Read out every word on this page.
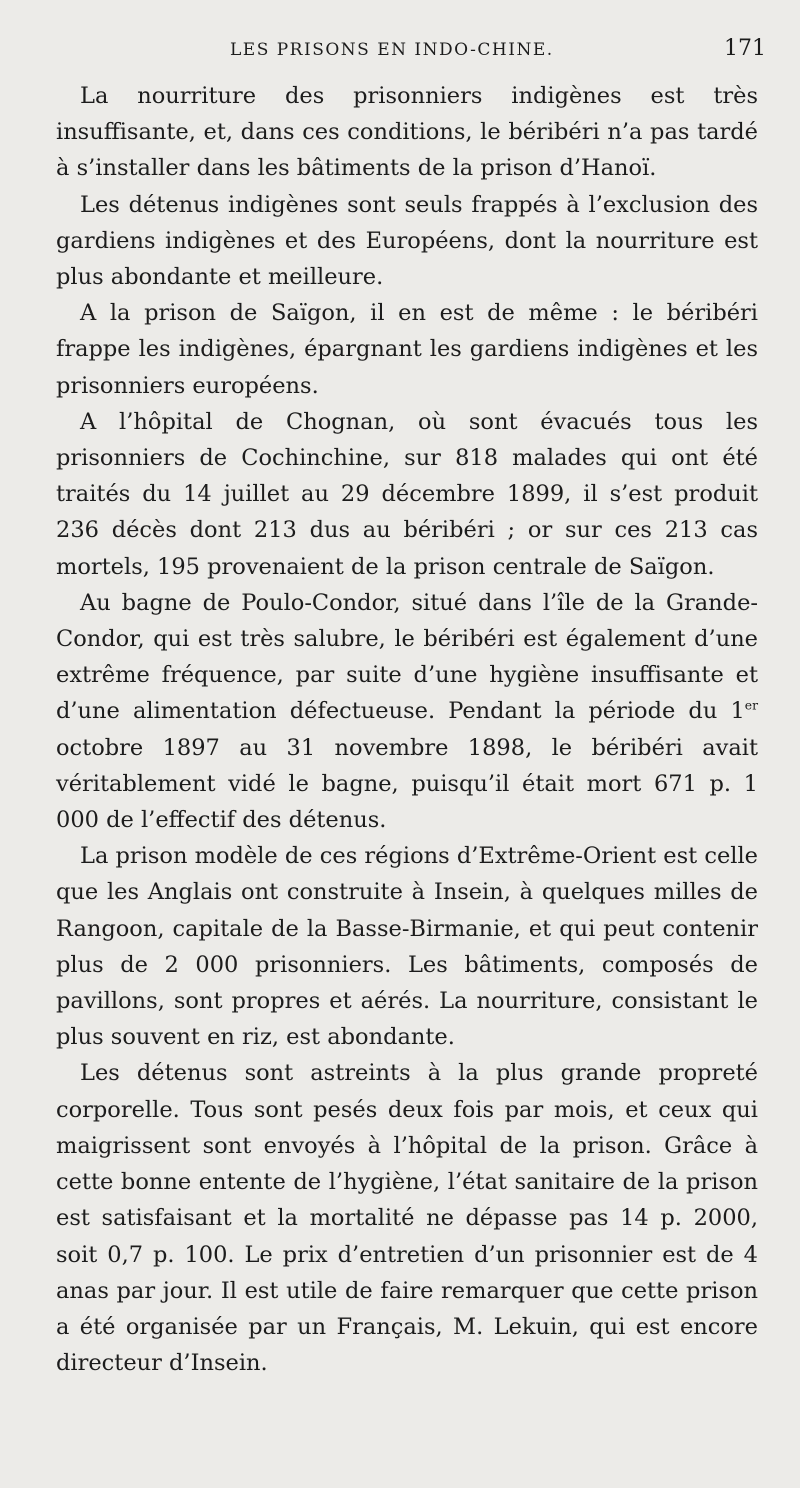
LES PRISONS EN INDO-CHINE.	171

La nourriture des prisonniers indigènes est très insuffisante, et, dans ces conditions, le béribéri n’a pas tardé à s’installer dans les bâtiments de la prison d’Hanoï.

Les détenus indigènes sont seuls frappés à l’exclusion des gardiens indigènes et des Européens, dont la nourriture est plus abondante et meilleure.

A la prison de Saïgon, il en est de même : le béribéri frappe les indigènes, épargnant les gardiens indigènes et les prisonniers européens.

A l’hôpital de Chognan, où sont évacués tous les prisonniers de Cochinchine, sur 818 malades qui ont été traités du 14 juillet au 29 décembre 1899, il s’est produit 236 décès dont 213 dus au béribéri ; or sur ces 213 cas mortels, 195 provenaient de la prison centrale de Saïgon.

Au bagne de Poulo-Condor, situé dans l’île de la Grande-Condor, qui est très salubre, le béribéri est également d’une extrême fréquence, par suite d’une hygiène insuffisante et d’une alimentation défectueuse. Pendant la période du 1er octobre 1897 au 31 novembre 1898, le béribéri avait véritablement vidé le bagne, puisqu’il était mort 671 p. 1 000 de l’effectif des détenus.

La prison modèle de ces régions d’Extrême-Orient est celle que les Anglais ont construite à Insein, à quelques milles de Rangoon, capitale de la Basse-Birmanie, et qui peut contenir plus de 2 000 prisonniers. Les bâtiments, composés de pavillons, sont propres et aérés. La nourriture, consistant le plus souvent en riz, est abondante.

Les détenus sont astreints à la plus grande propreté corporelle. Tous sont pesés deux fois par mois, et ceux qui maigrissent sont envoyés à l’hôpital de la prison. Grâce à cette bonne entente de l’hygiène, l’état sanitaire de la prison est satisfaisant et la mortalité ne dépasse pas 14 p. 2000, soit 0,7 p. 100. Le prix d’entretien d’un prisonnier est de 4 anas par jour. Il est utile de faire remarquer que cette prison a été organisée par un Français, M. Lekuin, qui est encore directeur d’Insein.
